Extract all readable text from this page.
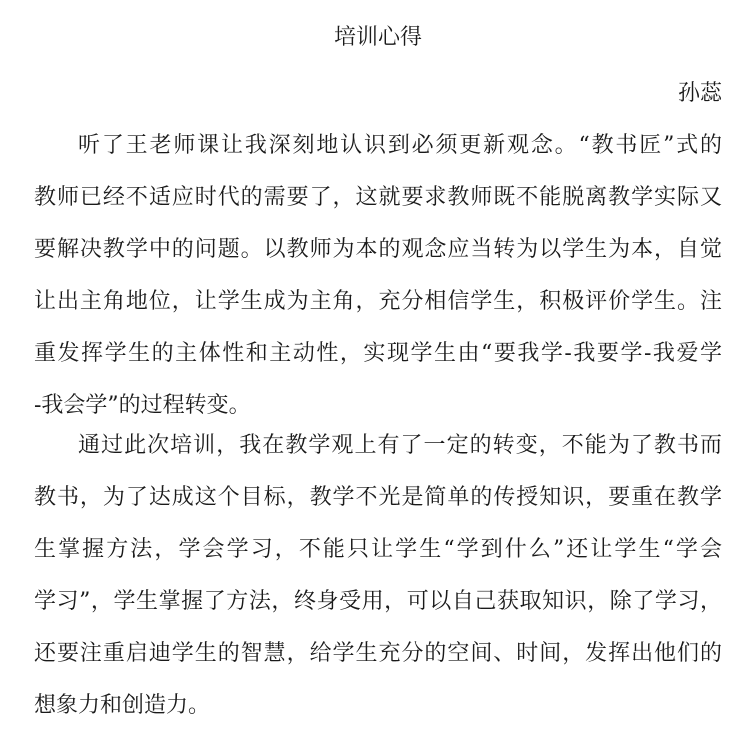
培训心得
孙蕊
听了王老师课让我深刻地认识到必须更新观念。“教书匠”式的
教师已经不适应时代的需要了，这就要求教师既不能脱离教学实际又
要解决教学中的问题。以教师为本的观念应当转为以学生为本，自觉
让出主角地位，让学生成为主角，充分相信学生，积极评价学生。注
重发挥学生的主体性和主动性，实现学生由“要我学-我要学-我爱学
-我会学”的过程转变。
通过此次培训，我在教学观上有了一定的转变，不能为了教书而
教书，为了达成这个目标，教学不光是简单的传授知识，要重在教学
生掌握方法，学会学习，不能只让学生“学到什么”还让学生“学会
学习”，学生掌握了方法，终身受用，可以自己获取知识，除了学习，
还要注重启迪学生的智慧，给学生充分的空间、时间，发挥出他们的
想象力和创造力。
